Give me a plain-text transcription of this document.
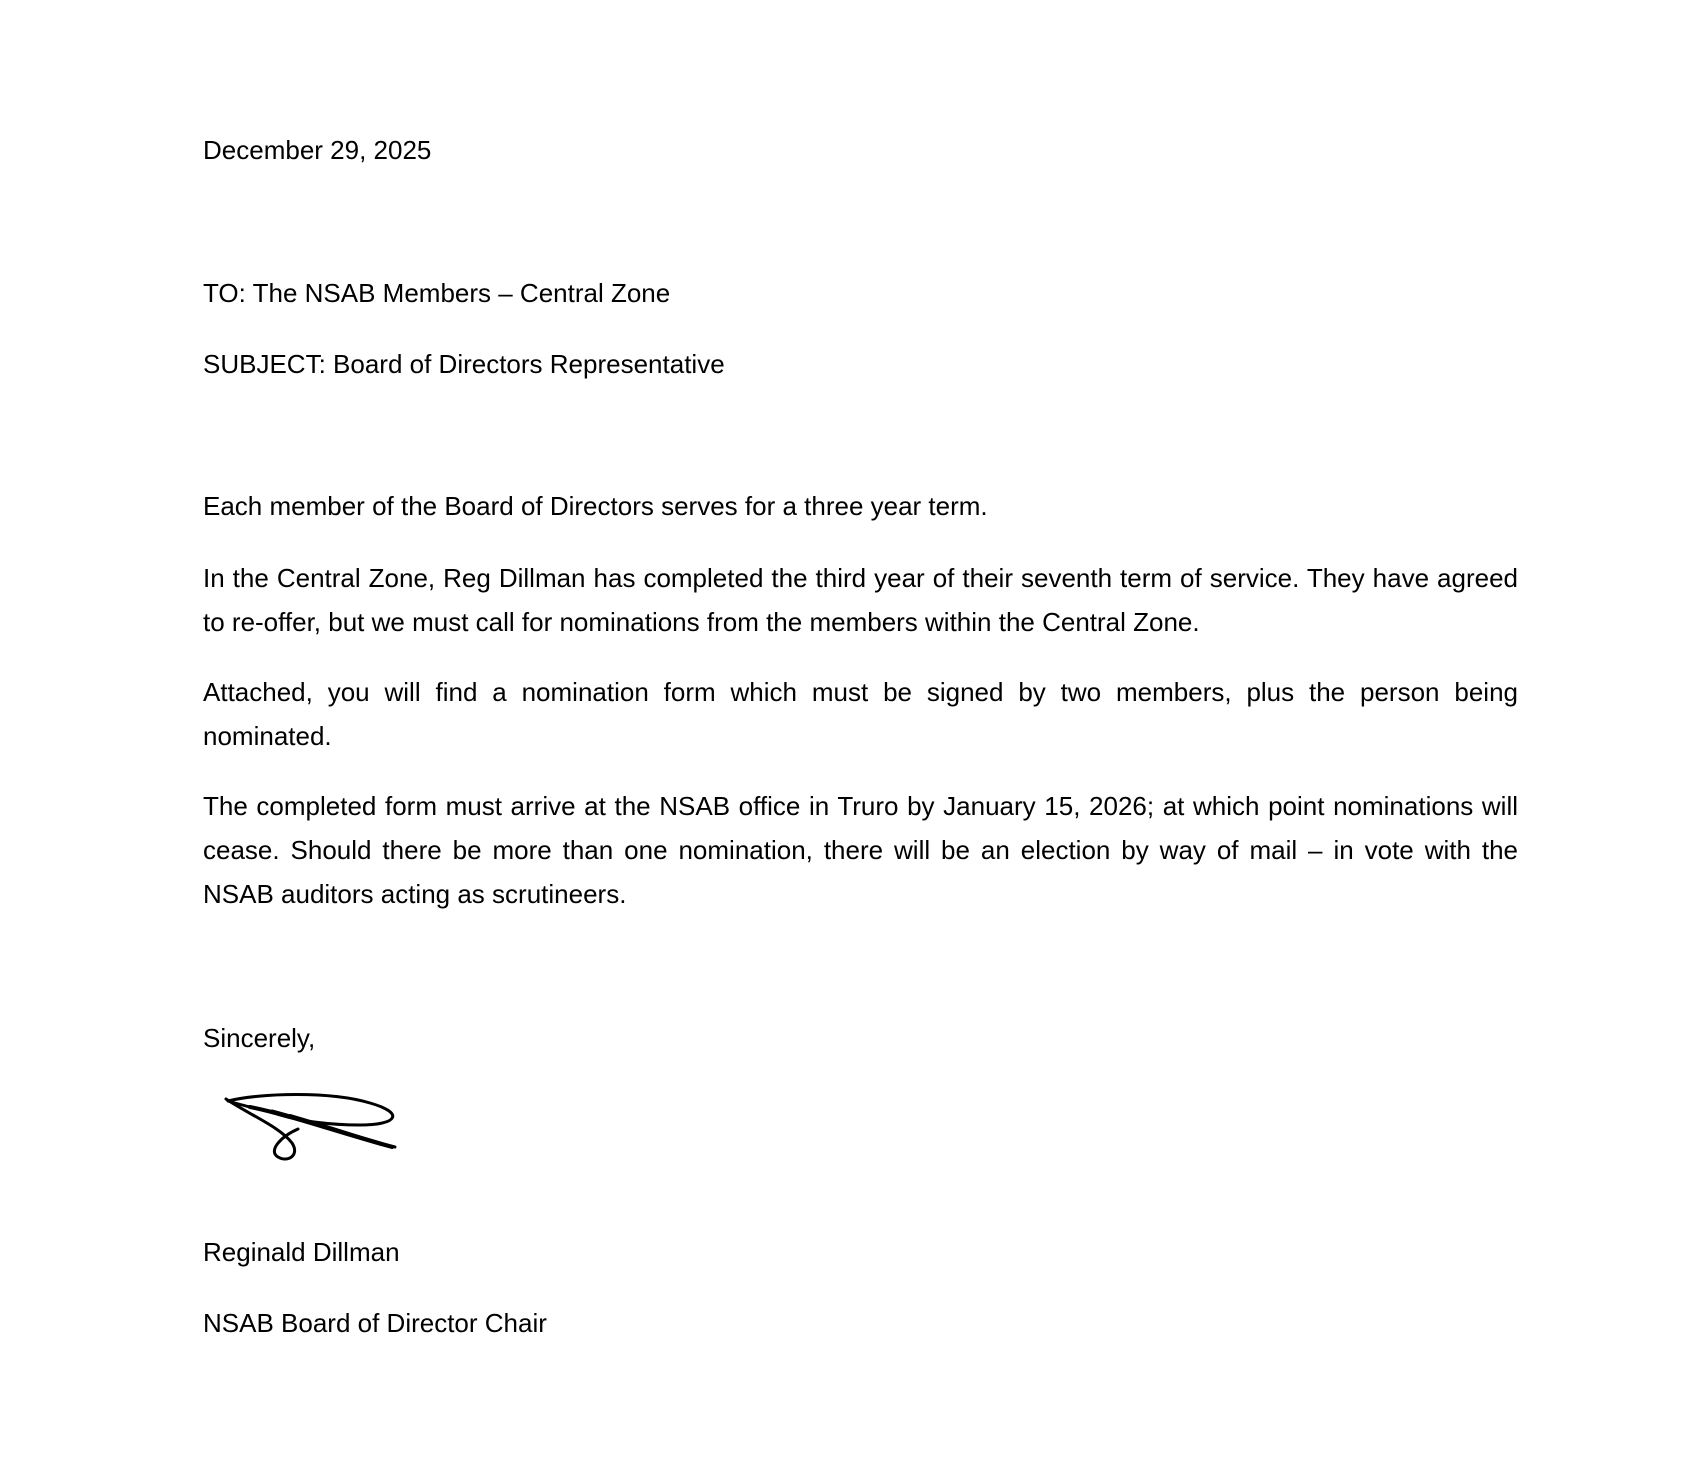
December 29, 2025

TO: The NSAB Members – Central Zone

SUBJECT: Board of Directors Representative

Each member of the Board of Directors serves for a three year term.

In the Central Zone, Reg Dillman has completed the third year of their seventh term of service. They have agreed to re-offer, but we must call for nominations from the members within the Central Zone.

Attached, you will find a nomination form which must be signed by two members, plus the person being nominated.

The completed form must arrive at the NSAB office in Truro by January 15, 2026; at which point nominations will cease. Should there be more than one nomination, there will be an election by way of mail – in vote with the NSAB auditors acting as scrutineers.

Sincerely,

Reginald Dillman

NSAB Board of Director Chair
